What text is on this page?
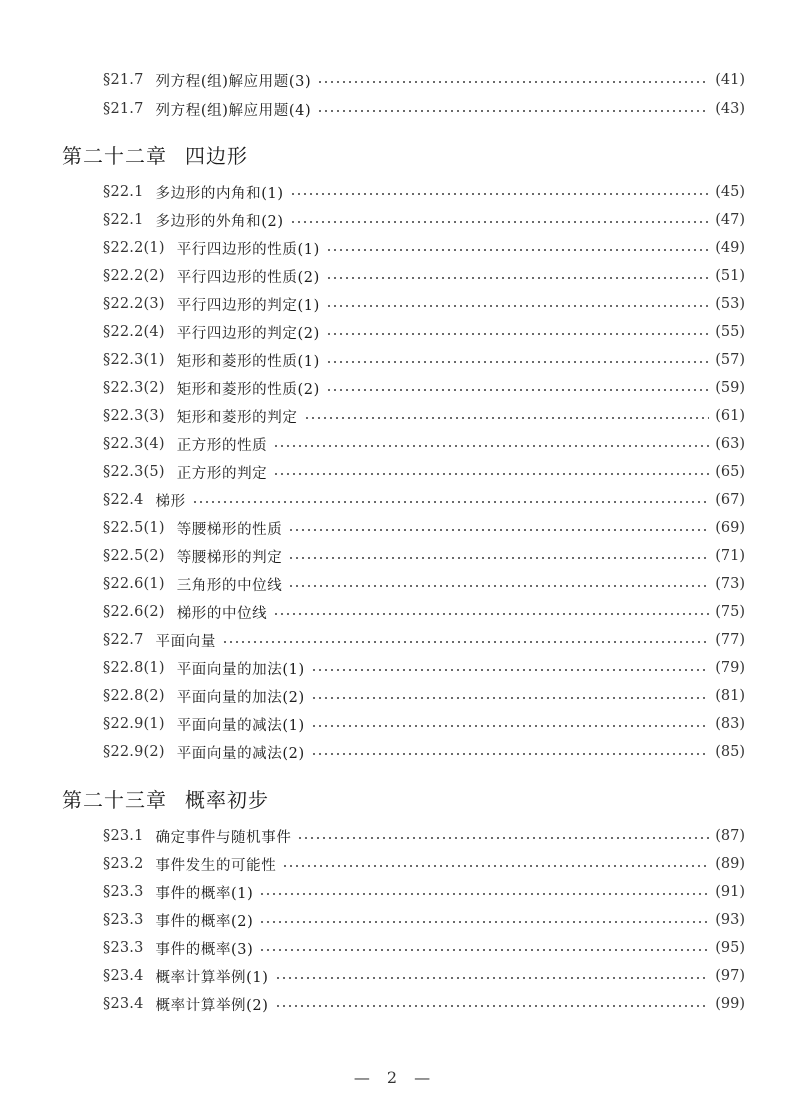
§21.7 列方程(组)解应用题(3)	(41)
§21.7 列方程(组)解应用题(4)	(43)
第二十二章 四边形
§22.1 多边形的内角和(1)	(45)
§22.1 多边形的外角和(2)	(47)
§22.2(1) 平行四边形的性质(1)	(49)
§22.2(2) 平行四边形的性质(2)	(51)
§22.2(3) 平行四边形的判定(1)	(53)
§22.2(4) 平行四边形的判定(2)	(55)
§22.3(1) 矩形和菱形的性质(1)	(57)
§22.3(2) 矩形和菱形的性质(2)	(59)
§22.3(3) 矩形和菱形的判定	(61)
§22.3(4) 正方形的性质	(63)
§22.3(5) 正方形的判定	(65)
§22.4 梯形	(67)
§22.5(1) 等腰梯形的性质	(69)
§22.5(2) 等腰梯形的判定	(71)
§22.6(1) 三角形的中位线	(73)
§22.6(2) 梯形的中位线	(75)
§22.7 平面向量	(77)
§22.8(1) 平面向量的加法(1)	(79)
§22.8(2) 平面向量的加法(2)	(81)
§22.9(1) 平面向量的减法(1)	(83)
§22.9(2) 平面向量的减法(2)	(85)
第二十三章 概率初步
§23.1 确定事件与随机事件	(87)
§23.2 事件发生的可能性	(89)
§23.3 事件的概率(1)	(91)
§23.3 事件的概率(2)	(93)
§23.3 事件的概率(3)	(95)
§23.4 概率计算举例(1)	(97)
§23.4 概率计算举例(2)	(99)
— 2 —
